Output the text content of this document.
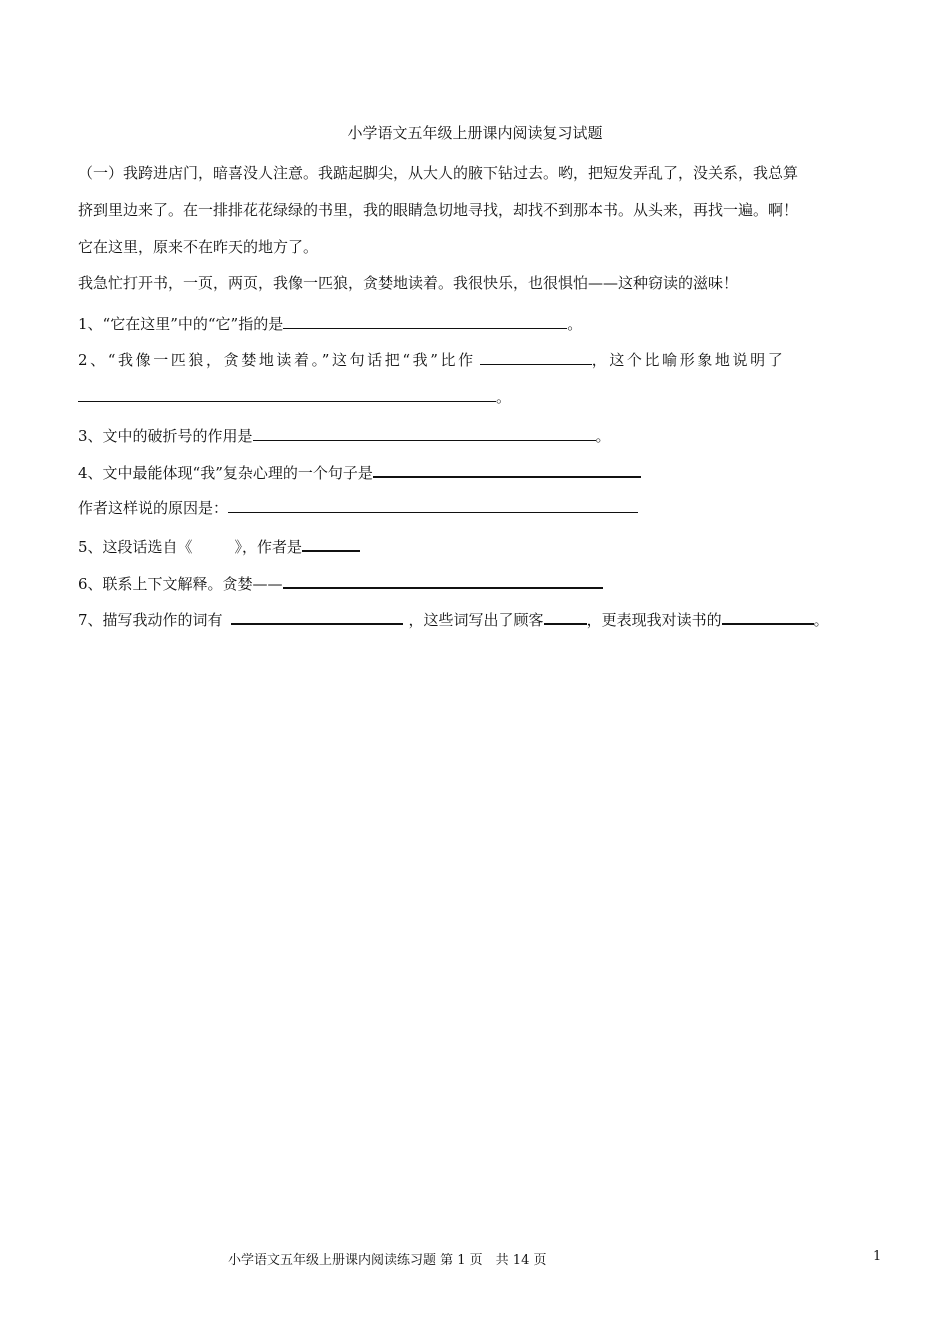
小学语文五年级上册课内阅读复习试题
（一）我跨进店门，暗喜没人注意。我踮起脚尖，从大人的腋下钻过去。哟，把短发弄乱了，没关系，我总算
挤到里边来了。在一排排花花绿绿的书里，我的眼睛急切地寻找，却找不到那本书。从头来，再找一遍。啊！
它在这里，原来不在昨天的地方了。
我急忙打开书，一页，两页，我像一匹狼，贪婪地读着。我很快乐，也很惧怕——这种窃读的滋味！
1、“它在这里”中的“它”指的是	。
2、“我像一匹狼，贪婪地读着。”这句话把“我”比作	，这个比喻形象地说明了
。
3、文中的破折号的作用是	。
4、文中最能体现“我”复杂心理的一个句子是
作者这样说的原因是：
5、这段话选自《	》，作者是
6、联系上下文解释。贪婪——
7、描写我动作的词有	，这些词写出了顾客	，更表现我对读书的	。
小学语文五年级上册课内阅读练习题 第 1 页　共 14 页	1
